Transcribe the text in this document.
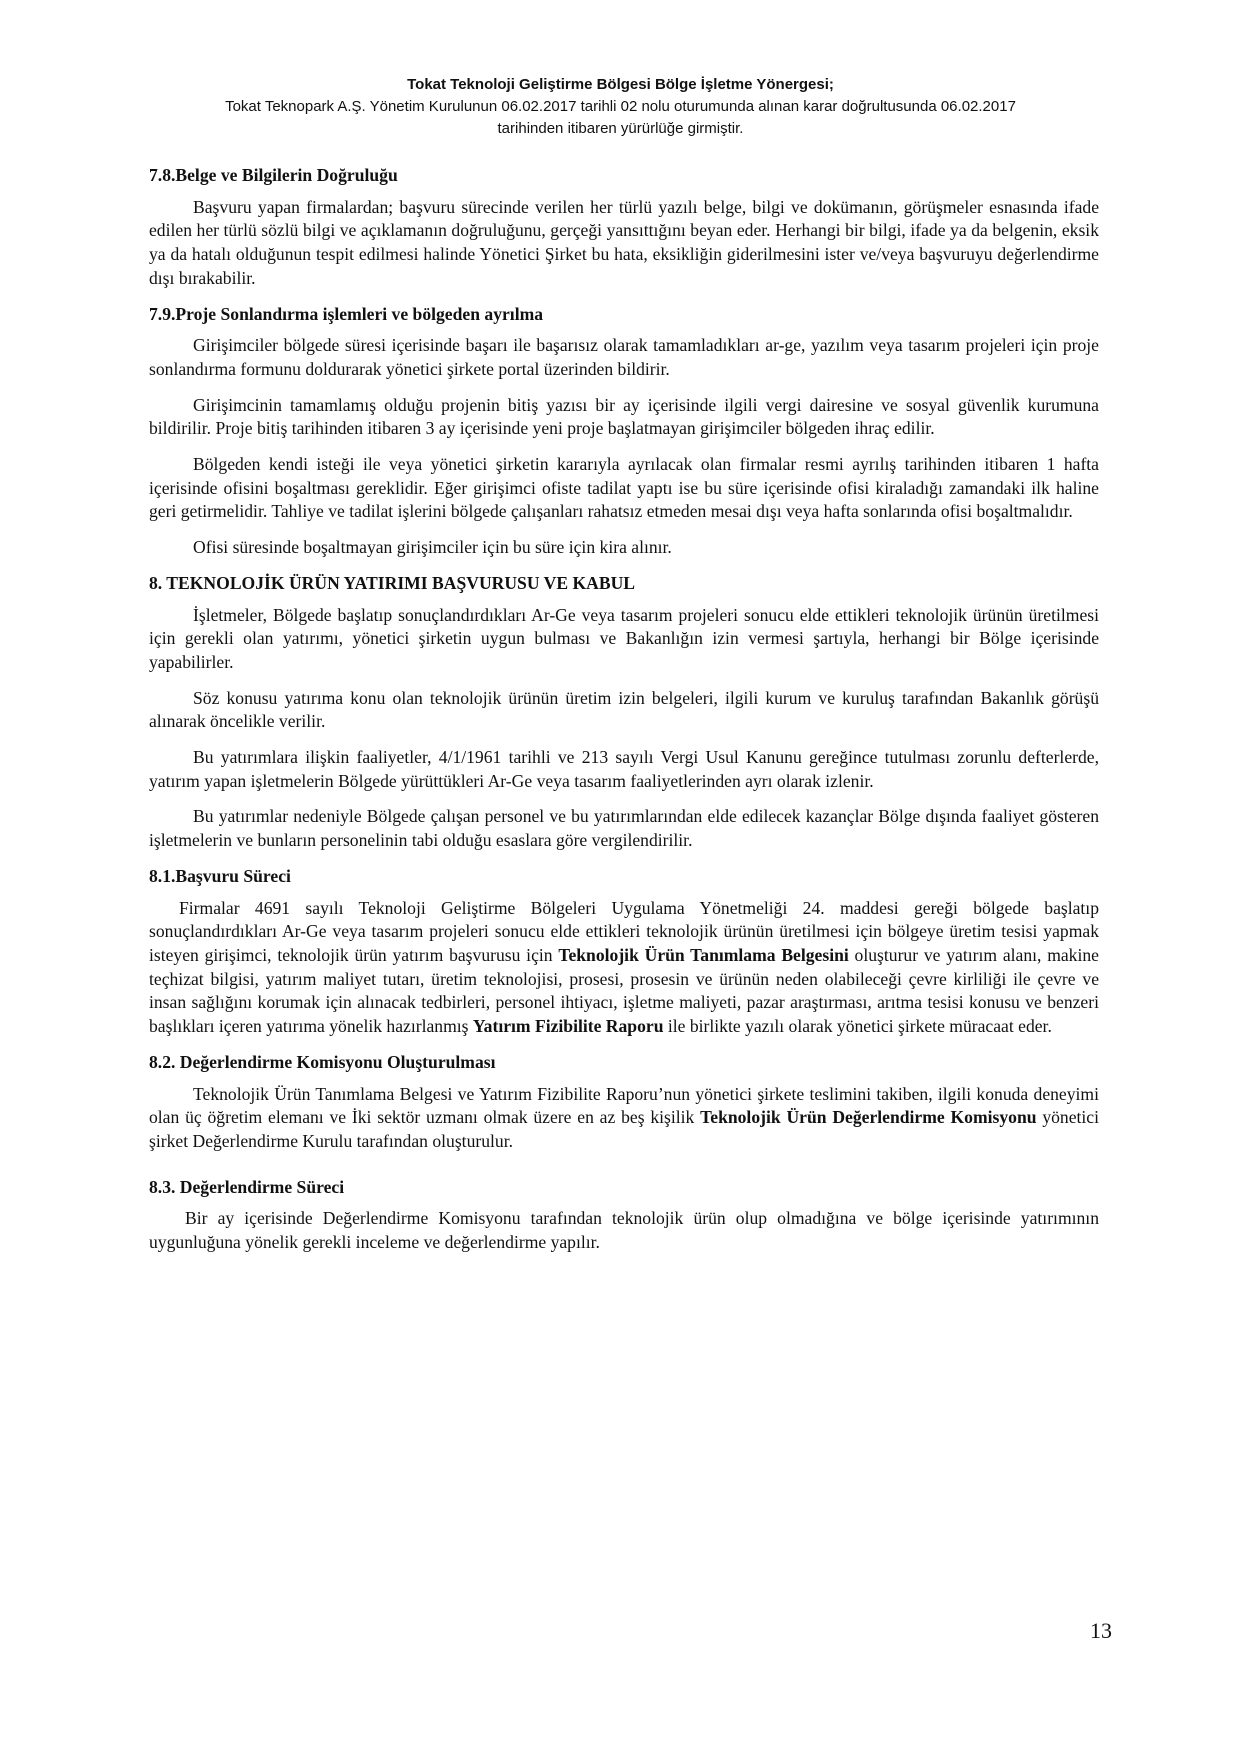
Tokat Teknoloji Geliştirme Bölgesi Bölge İşletme Yönergesi;
Tokat Teknopark A.Ş. Yönetim Kurulunun 06.02.2017 tarihli 02 nolu oturumunda alınan karar doğrultusunda 06.02.2017
tarihinden itibaren yürürlüğe girmiştir.
7.8.Belge ve Bilgilerin Doğruluğu

Başvuru yapan firmalardan; başvuru sürecinde verilen her türlü yazılı belge, bilgi ve dokümanın, görüşmeler esnasında ifade edilen her türlü sözlü bilgi ve açıklamanın doğruluğunu, gerçeği yansıttığını beyan eder. Herhangi bir bilgi, ifade ya da belgenin, eksik ya da hatalı olduğunun tespit edilmesi halinde Yönetici Şirket bu hata, eksikliğin giderilmesini ister ve/veya başvuruyu değerlendirme dışı bırakabilir.

7.9.Proje Sonlandırma işlemleri ve bölgeden ayrılma

Girişimciler bölgede süresi içerisinde başarı ile başarısız olarak tamamladıkları ar-ge, yazılım veya tasarım projeleri için proje sonlandırma formunu doldurarak yönetici şirkete portal üzerinden bildirir.

Girişimcinin tamamlamış olduğu projenin bitiş yazısı bir ay içerisinde ilgili vergi dairesine ve sosyal güvenlik kurumuna bildirilir. Proje bitiş tarihinden itibaren 3 ay içerisinde yeni proje başlatmayan girişimciler bölgeden ihraç edilir.

Bölgeden kendi isteği ile veya yönetici şirketin kararıyla ayrılacak olan firmalar resmi ayrılış tarihinden itibaren 1 hafta içerisinde ofisini boşaltması gereklidir. Eğer girişimci ofiste tadilat yaptı ise bu süre içerisinde ofisi kiraladığı zamandaki ilk haline geri getirmelidir. Tahliye ve tadilat işlerini bölgede çalışanları rahatsız etmeden mesai dışı veya hafta sonlarında ofisi boşaltmalıdır.

Ofisi süresinde boşaltmayan girişimciler için bu süre için kira alınır.

8. TEKNOLOJİK ÜRÜN YATIRIMI BAŞVURUSU VE KABUL

İşletmeler, Bölgede başlatıp sonuçlandırdıkları Ar-Ge veya tasarım projeleri sonucu elde ettikleri teknolojik ürünün üretilmesi için gerekli olan yatırımı, yönetici şirketin uygun bulması ve Bakanlığın izin vermesi şartıyla, herhangi bir Bölge içerisinde yapabilirler.

Söz konusu yatırıma konu olan teknolojik ürünün üretim izin belgeleri, ilgili kurum ve kuruluş tarafından Bakanlık görüşü alınarak öncelikle verilir.

Bu yatırımlara ilişkin faaliyetler, 4/1/1961 tarihli ve 213 sayılı Vergi Usul Kanunu gereğince tutulması zorunlu defterlerde, yatırım yapan işletmelerin Bölgede yürüttükleri Ar-Ge veya tasarım faaliyetlerinden ayrı olarak izlenir.

Bu yatırımlar nedeniyle Bölgede çalışan personel ve bu yatırımlarından elde edilecek kazançlar Bölge dışında faaliyet gösteren işletmelerin ve bunların personelinin tabi olduğu esaslara göre vergilendirilir.

8.1.Başvuru Süreci

Firmalar 4691 sayılı Teknoloji Geliştirme Bölgeleri Uygulama Yönetmeliği 24. maddesi gereği bölgede başlatıp sonuçlandırdıkları Ar-Ge veya tasarım projeleri sonucu elde ettikleri teknolojik ürünün üretilmesi için bölgeye üretim tesisi yapmak isteyen girişimci, teknolojik ürün yatırım başvurusu için Teknolojik Ürün Tanımlama Belgesini oluşturur ve yatırım alanı, makine teçhizat bilgisi, yatırım maliyet tutarı, üretim teknolojisi, prosesi, prosesin ve ürünün neden olabileceği çevre kirliliği ile çevre ve insan sağlığını korumak için alınacak tedbirleri, personel ihtiyacı, işletme maliyeti, pazar araştırması, arıtma tesisi konusu ve benzeri başlıkları içeren yatırıma yönelik hazırlanmış Yatırım Fizibilite Raporu ile birlikte yazılı olarak yönetici şirkete müracaat eder.

8.2. Değerlendirme Komisyonu Oluşturulması

Teknolojik Ürün Tanımlama Belgesi ve Yatırım Fizibilite Raporu’nun yönetici şirkete teslimini takiben, ilgili konuda deneyimi olan üç öğretim elemanı ve İki sektör uzmanı olmak üzere en az beş kişilik Teknolojik Ürün Değerlendirme Komisyonu yönetici şirket Değerlendirme Kurulu tarafından oluşturulur.

8.3. Değerlendirme Süreci

Bir ay içerisinde Değerlendirme Komisyonu tarafından teknolojik ürün olup olmadığına ve bölge içerisinde yatırımının uygunluğuna yönelik gerekli inceleme ve değerlendirme yapılır.

13
